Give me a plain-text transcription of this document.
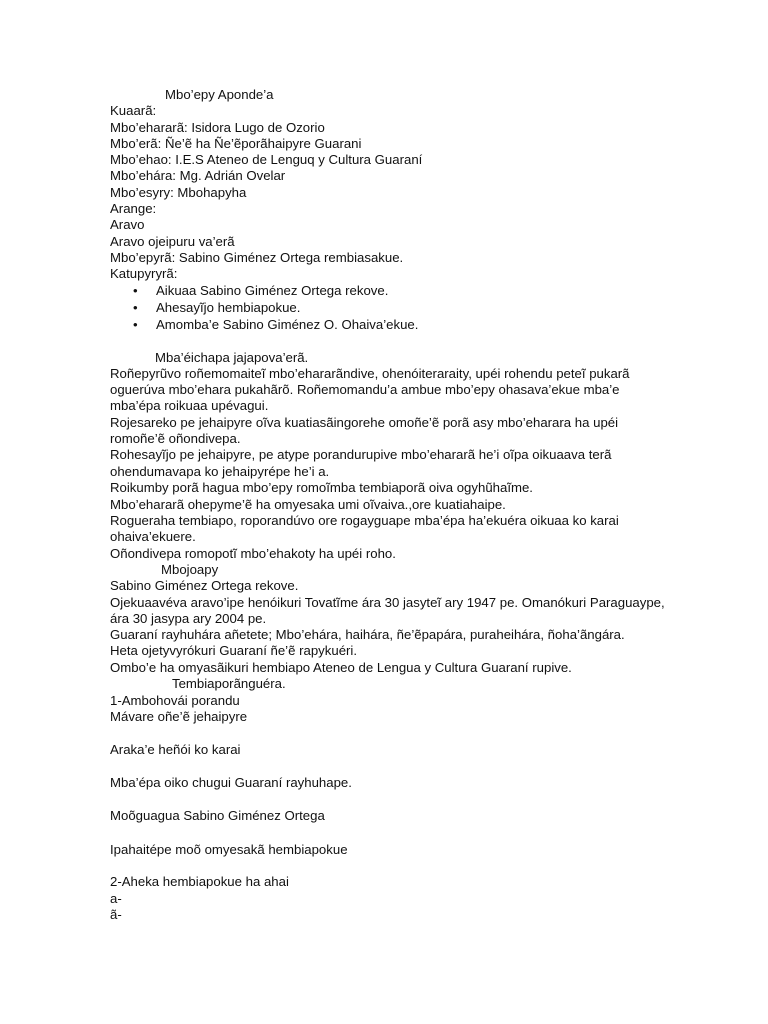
Mbo’epy Aponde’a
Kuaarã:
Mbo’ehararã: Isidora Lugo de Ozorio
Mbo’erã: Ñe’ẽ ha Ñe’ẽporãhaipyre Guarani
Mbo’ehao: I.E.S Ateneo de Lenguq y Cultura Guaraní
Mbo’ehára: Mg. Adrián Ovelar
Mbo’esyry: Mbohapyha
Arange:
Aravo
Aravo ojeipuru va’erã
Mbo’epyrã: Sabino Giménez Ortega rembiasakue.
Katupyryrã:
• Aikuaa Sabino Giménez Ortega rekove.
• Ahesayĩjo hembiapokue.
• Amomba’e Sabino Giménez O. Ohaiva’ekue.
Mba’éichapa jajapova’erã.
Roñepyrũvo roñemomaiteĩ mbo’ehararãndive, ohenóiteraraity, upéi rohendu peteĩ pukarã
oguerúva mbo’ehara pukahãrõ. Roñemomandu’a ambue mbo’epy ohasava’ekue mba’e
mba’épa roikuaa upévagui.
Rojesareko pe jehaipyre oĩva kuatiasãingorehe omoñe’ẽ porã asy mbo’eharara ha upéi
romoñe’ẽ oñondivepa.
Rohesayĩjo pe jehaipyre, pe atype porandurupive mbo’ehararã he’i oĩpa oikuaava terã
ohendumavapa ko jehaipyrépe he’i a.
Roikumby porã hagua mbo’epy romoĩmba tembiaporã oiva ogyhũhaĩme.
Mbo’ehararã ohepyme’ẽ ha omyesaka umi oĩvaiva.,ore kuatiahaipe.
Rogueraha tembiapo, roporandúvo ore rogayguape mba’épa ha’ekuéra oikuaa ko karai
ohaiva’ekuere.
Oñondivepa romopotĩ mbo’ehakoty ha upéi roho.
Mbojoapy
Sabino Giménez Ortega rekove.
Ojekuaavéva aravo’ipe henóikuri Tovatĩme ára 30 jasyteĩ ary 1947 pe. Omanókuri Paraguaype,
ára 30 jasypa ary 2004 pe.
Guaraní rayhuhára añetete; Mbo’ehára, haihára, ñe’ẽpapára, puraheihára, ñoha’ãngára.
Heta ojetyvyrókuri Guaraní ñe’ẽ rapykuéri.
Ombo’e ha omyasãikuri hembiapo Ateneo de Lengua y Cultura Guaraní rupive.
Tembiaporãnguéra.
1-Ambohovái porandu
Mávare oñe’ẽ jehaipyre
Araka’e heñói ko karai
Mba’épa oiko chugui Guaraní rayhuhape.
Moõguagua Sabino Giménez Ortega
Ipahaitépe moõ omyesakã hembiapokue
2-Aheka hembiapokue ha ahai
a-
ã-
